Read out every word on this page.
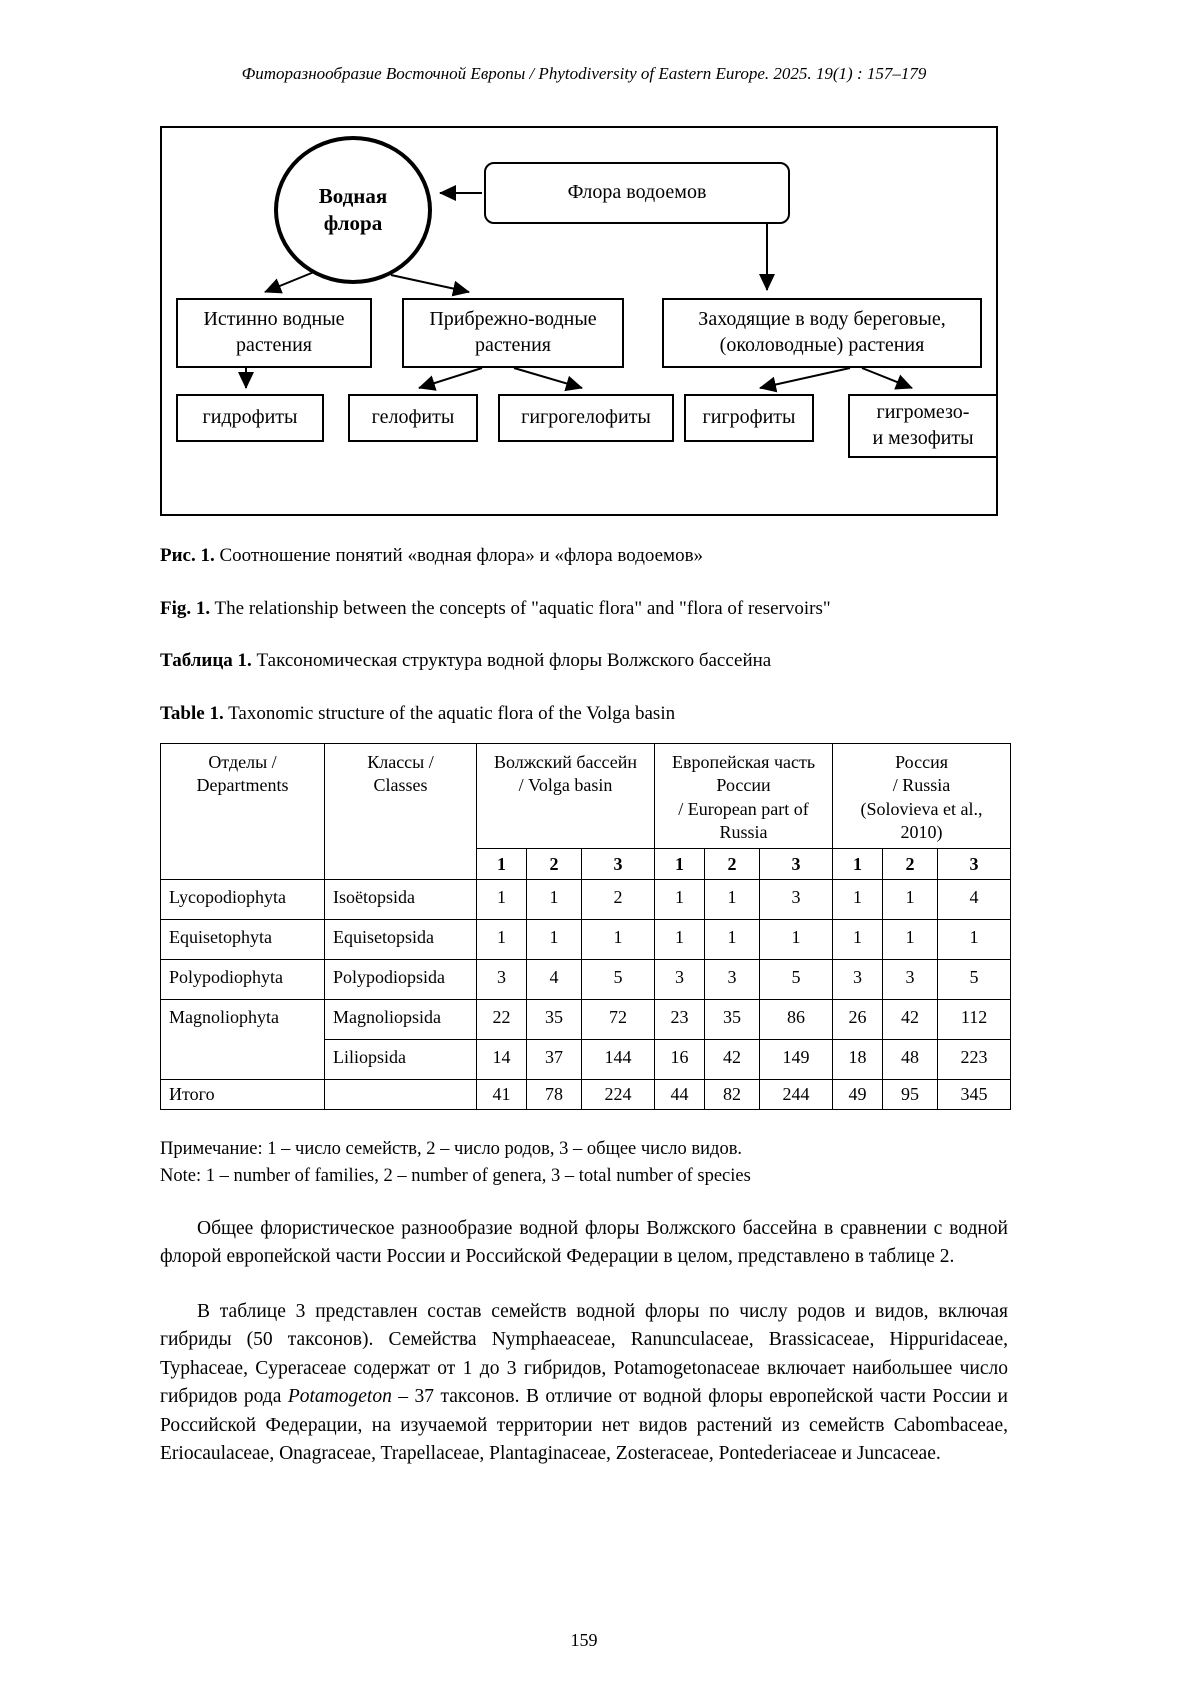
Фиторазнообразие Восточной Европы / Phytodiversity of Eastern Europe. 2025. 19(1) : 157–179
Водная
флора
Флора водоемов
Истинно водные
растения
Прибрежно-водные
растения
Заходящие в воду береговые,
(околоводные) растения
гидрофиты	гелофиты	гигрогелофиты	гигрофиты	гигромезо-
и мезофиты

Рис. 1. Соотношение понятий «водная флора» и «флора водоемов»

Fig. 1. The relationship between the concepts of "aquatic flora" and "flora of reservoirs"

Таблица 1. Таксономическая структура водной флоры Волжского бассейна

Table 1. Taxonomic structure of the aquatic flora of the Volga basin

Отделы /
Departments	Классы /
Classes	Волжский бассейн
/ Volga basin			Европейская часть
России
/ European part of
Russia			Россия
/ Russia
(Solovieva et al.,
2010)		
		1	2	3	1	2	3	1	2	3
Lycopodiophyta	Isoëtopsida	1	1	2	1	1	3	1	1	4
Equisetophyta	Equisetopsida	1	1	1	1	1	1	1	1	1
Polypodiophyta	Polypodiopsida	3	4	5	3	3	5	3	3	5
Magnoliophyta	Magnoliopsida	22	35	72	23	35	86	26	42	112
	Liliopsida	14	37	144	16	42	149	18	48	223
Итого		41	78	224	44	82	244	49	95	345
Примечание: 1 – число семейств, 2 – число родов, 3 – общее число видов.
Note: 1 – number of families, 2 – number of genera, 3 – total number of species

Общее флористическое разнообразие водной флоры Волжского бассейна в сравнении с водной флорой европейской части России и Российской Федерации в целом, представлено в таблице 2.

В таблице 3 представлен состав семейств водной флоры по числу родов и видов, включая гибриды (50 таксонов). Семейства Nymphaeaceae, Ranunculaceae, Brassicaceae, Hippuridaceae, Typhaceae, Cyperaceae содержат от 1 до 3 гибридов, Potamogetonaceae включает наибольшее число гибридов рода Potamogeton – 37 таксонов. В отличие от водной флоры европейской части России и Российской Федерации, на изучаемой территории нет видов растений из семейств Cabombaceae, Eriocaulaceae, Onagraceae, Trapellaceae, Plantaginaceae, Zosteraceae, Pontederiaceae и Juncaceae.

159
